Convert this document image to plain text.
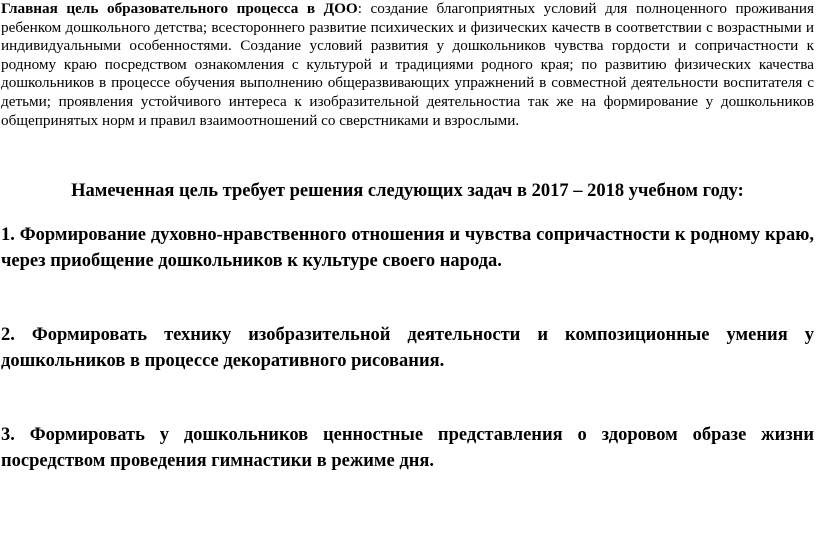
Главная цель образовательного процесса в ДОО: создание благоприятных условий для полноценного проживания ребенком дошкольного детства; всестороннего развитие психических и физических качеств в соответствии с возрастными и индивидуальными особенностями. Создание условий развития у дошкольников чувства гордости и сопричастности к родному краю посредством ознакомления с культурой и традициями родного края; по развитию физических качества дошкольников в процессе обучения выполнению общеразвивающих упражнений в совместной деятельности воспитателя с детьми; проявления устойчивого интереса к изобразительной деятельностиа так же на формирование у дошкольников общепринятых норм и правил взаимоотношений со сверстниками и взрослыми.

Намеченная цель требует решения следующих задач в 2017 – 2018 учебном году:

1. Формирование духовно-нравственного отношения и чувства сопричастности к родному краю, через приобщение дошкольников к культуре своего народа.

2. Формировать технику изобразительной деятельности и композиционные умения у дошкольников в процессе декоративного рисования.

3. Формировать у дошкольников ценностные представления о здоровом образе жизни посредством проведения гимнастики в режиме дня.
